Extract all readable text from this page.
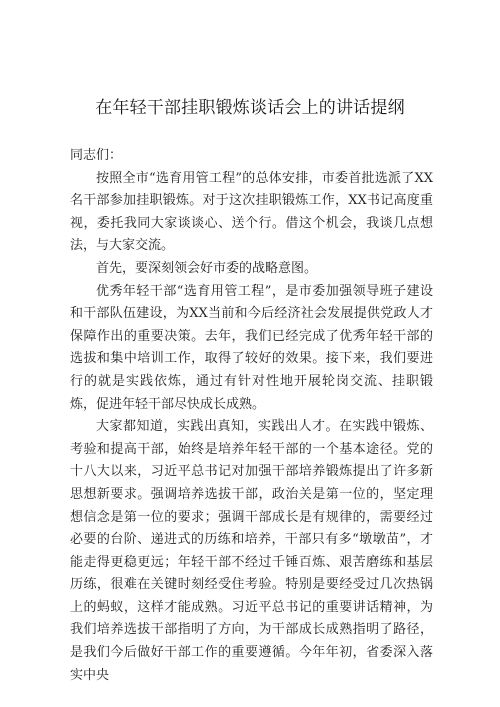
在年轻干部挂职锻炼谈话会上的讲话提纲

同志们：

按照全市“选育用管工程”的总体安排，市委首批选派了XX名干部参加挂职锻炼。对于这次挂职锻炼工作，XX书记高度重视，委托我同大家谈谈心、送个行。借这个机会，我谈几点想法，与大家交流。

首先，要深刻领会好市委的战略意图。

优秀年轻干部“选育用管工程”，是市委加强领导班子建设和干部队伍建设，为XX当前和今后经济社会发展提供党政人才保障作出的重要决策。去年，我们已经完成了优秀年轻干部的选拔和集中培训工作，取得了较好的效果。接下来，我们要进行的就是实践依炼，通过有针对性地开展轮岗交流、挂职锻炼，促进年轻干部尽快成长成熟。

大家都知道，实践出真知，实践出人才。在实践中锻炼、考验和提高干部，始终是培养年轻干部的一个基本途径。党的十八大以来，习近平总书记对加强干部培养锻炼提出了许多新思想新要求。强调培养选拔干部，政治关是第一位的，坚定理想信念是第一位的要求；强调干部成长是有规律的，需要经过必要的台阶、递进式的历练和培养，干部只有多“墩墩苗”，才能走得更稳更远；年轻干部不经过千锤百炼、艰苦磨练和基层历练，很难在关键时刻经受住考验。特别是要经受过几次热锅上的蚂蚁，这样才能成熟。习近平总书记的重要讲话精神，为我们培养选拔干部指明了方向，为干部成长成熟指明了路径，是我们今后做好干部工作的重要遵循。今年年初，省委深入落实中央
